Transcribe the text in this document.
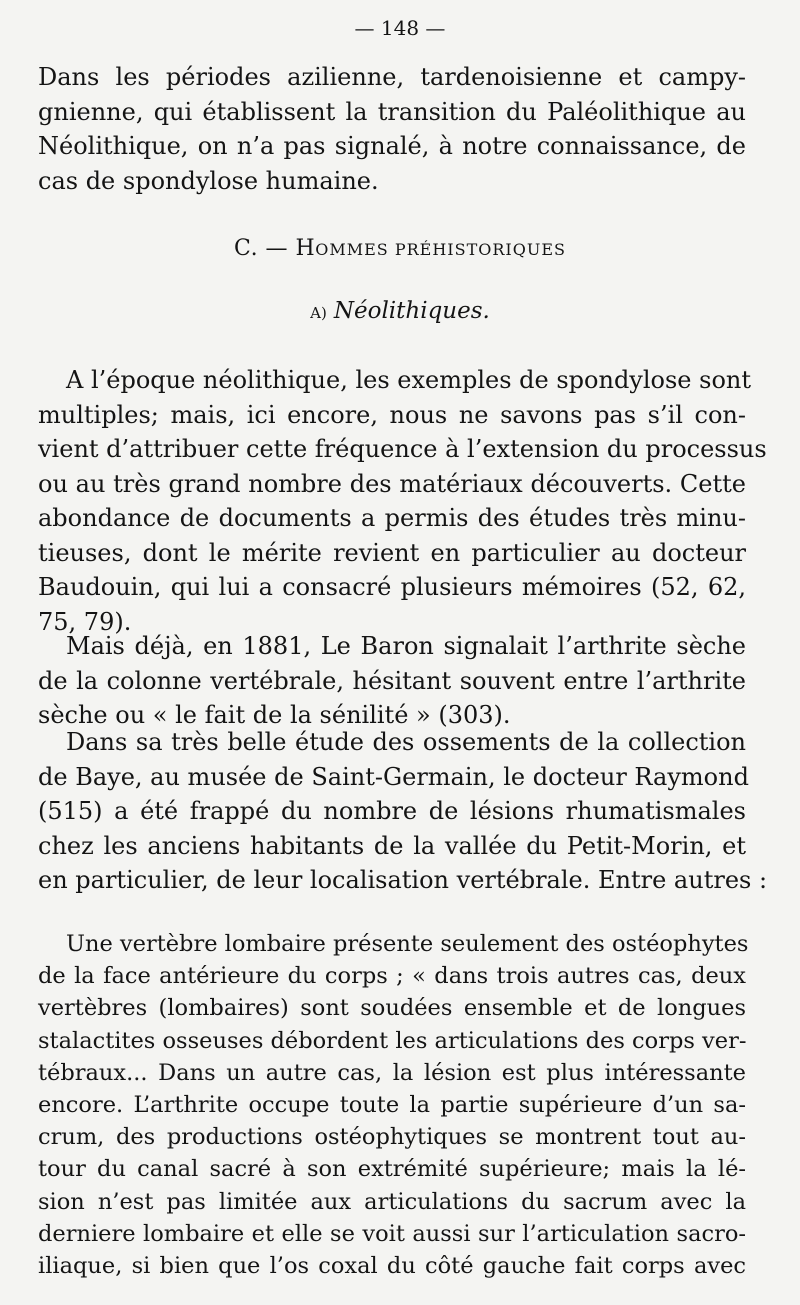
— 148 —
Dans les périodes azilienne, tardenoisienne et campy-
gnienne, qui établissent la transition du Paléolithique au
Néolithique, on n’a pas signalé, à notre connaissance, de
cas de spondylose humaine.
C. — HOMMES PRÉHISTORIQUES
A) Néolithiques.
A l’époque néolithique, les exemples de spondylose sont
multiples; mais, ici encore, nous ne savons pas s’il con-
vient d’attribuer cette fréquence à l’extension du processus
ou au très grand nombre des matériaux découverts. Cette
abondance de documents a permis des études très minu-
tieuses, dont le mérite revient en particulier au docteur
Baudouin, qui lui a consacré plusieurs mémoires (52, 62,
75, 79).
Mais déjà, en 1881, Le Baron signalait l’arthrite sèche
de la colonne vertébrale, hésitant souvent entre l’arthrite
sèche ou « le fait de la sénilité » (303).
Dans sa très belle étude des ossements de la collection
de Baye, au musée de Saint-Germain, le docteur Raymond
(515) a été frappé du nombre de lésions rhumatismales
chez les anciens habitants de la vallée du Petit-Morin, et
en particulier, de leur localisation vertébrale. Entre autres :
Une vertèbre lombaire présente seulement des ostéophytes
de la face antérieure du corps ; « dans trois autres cas, deux
vertèbres (lombaires) sont soudées ensemble et de longues
stalactites osseuses débordent les articulations des corps ver-
tébraux... Dans un autre cas, la lésion est plus intéressante
encore. L’arthrite occupe toute la partie supérieure d’un sa-
crum, des productions ostéophytiques se montrent tout au-
tour du canal sacré à son extrémité supérieure; mais la lé-
sion n’est pas limitée aux articulations du sacrum avec la
derniere lombaire et elle se voit aussi sur l’articulation sacro-
iliaque, si bien que l’os coxal du côté gauche fait corps avec
